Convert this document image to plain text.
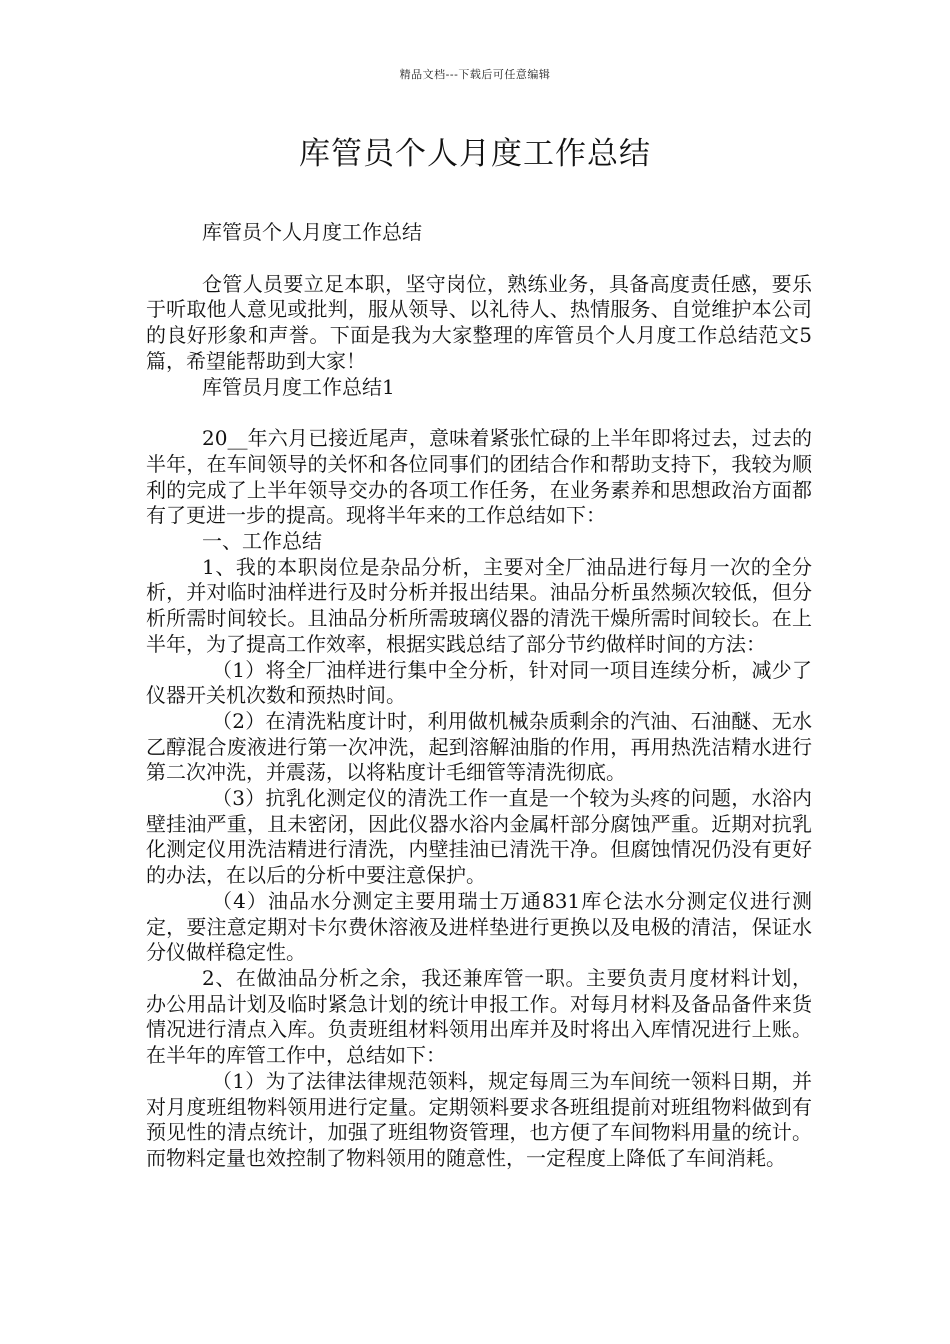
精品文档---下载后可任意编辑
库管员个人月度工作总结

库管员个人月度工作总结

仓管人员要立足本职，坚守岗位，熟练业务，具备高度责任感，要乐于听取他人意见或批判，服从领导、以礼待人、热情服务、自觉维护本公司的良好形象和声誉。下面是我为大家整理的库管员个人月度工作总结范文5篇，希望能帮助到大家！

库管员月度工作总结1

20__年六月已接近尾声，意味着紧张忙碌的上半年即将过去，过去的半年，在车间领导的关怀和各位同事们的团结合作和帮助支持下，我较为顺利的完成了上半年领导交办的各项工作任务，在业务素养和思想政治方面都有了更进一步的提高。现将半年来的工作总结如下：

一、工作总结

1、我的本职岗位是杂品分析，主要对全厂油品进行每月一次的全分析，并对临时油样进行及时分析并报出结果。油品分析虽然频次较低，但分析所需时间较长。且油品分析所需玻璃仪器的清洗干燥所需时间较长。在上半年，为了提高工作效率，根据实践总结了部分节约做样时间的方法：

（1）将全厂油样进行集中全分析，针对同一项目连续分析，减少了仪器开关机次数和预热时间。

（2）在清洗粘度计时，利用做机械杂质剩余的汽油、石油醚、无水乙醇混合废液进行第一次冲洗，起到溶解油脂的作用，再用热洗洁精水进行第二次冲洗，并震荡，以将粘度计毛细管等清洗彻底。

（3）抗乳化测定仪的清洗工作一直是一个较为头疼的问题，水浴内壁挂油严重，且未密闭，因此仪器水浴内金属杆部分腐蚀严重。近期对抗乳化测定仪用洗洁精进行清洗，内壁挂油已清洗干净。但腐蚀情况仍没有更好的办法，在以后的分析中要注意保护。

（4）油品水分测定主要用瑞士万通831库仑法水分测定仪进行测定，要注意定期对卡尔费休溶液及进样垫进行更换以及电极的清洁，保证水分仪做样稳定性。

2、在做油品分析之余，我还兼库管一职。主要负责月度材料计划，办公用品计划及临时紧急计划的统计申报工作。对每月材料及备品备件来货情况进行清点入库。负责班组材料领用出库并及时将出入库情况进行上账。在半年的库管工作中，总结如下：

（1）为了法律法律规范领料，规定每周三为车间统一领料日期，并对月度班组物料领用进行定量。定期领料要求各班组提前对班组物料做到有预见性的清点统计，加强了班组物资管理，也方便了车间物料用量的统计。而物料定量也效控制了物料领用的随意性，一定程度上降低了车间消耗。
